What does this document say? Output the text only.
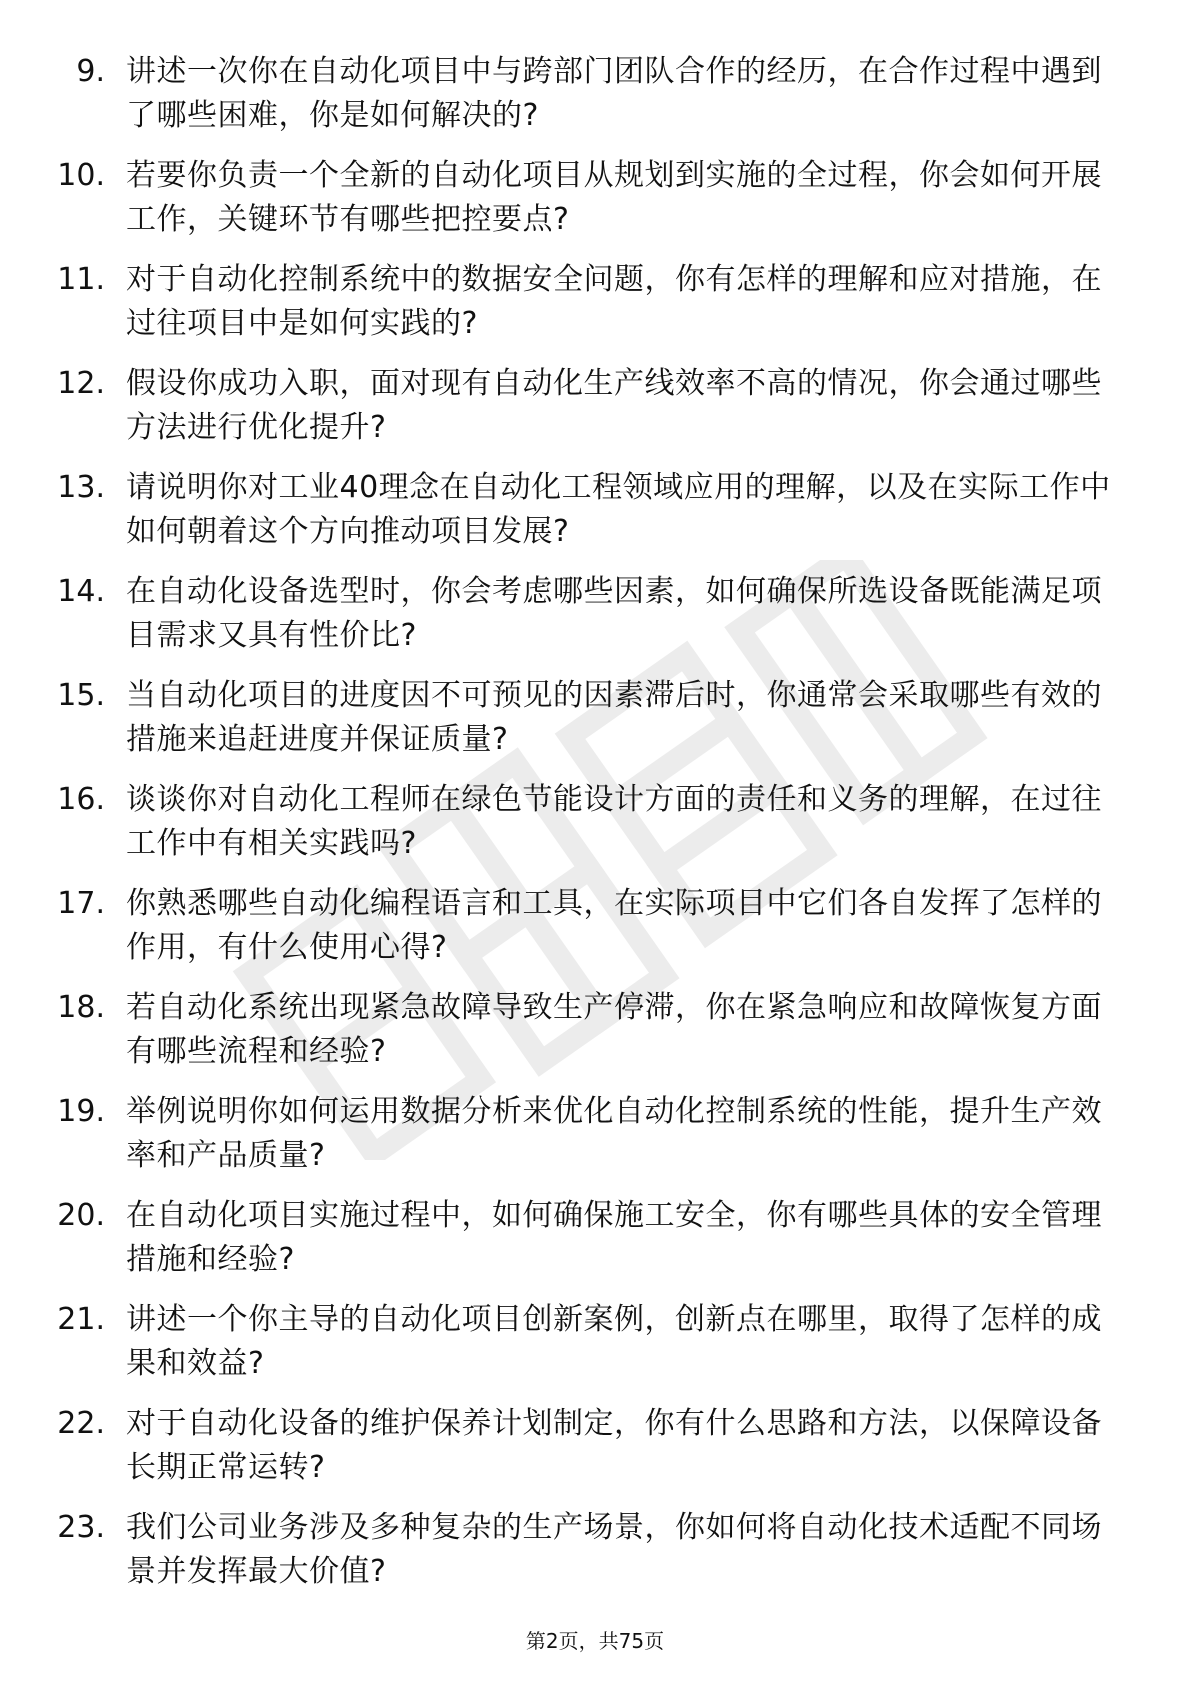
9. 讲述一次你在自动化项目中与跨部门团队合作的经历，在合作过程中遇到了哪些困难，你是如何解决的?
10. 若要你负责一个全新的自动化项目从规划到实施的全过程，你会如何开展工作，关键环节有哪些把控要点?
11. 对于自动化控制系统中的数据安全问题，你有怎样的理解和应对措施，在过往项目中是如何实践的?
12. 假设你成功入职，面对现有自动化生产线效率不高的情况，你会通过哪些方法进行优化提升?
13. 请说明你对工业40理念在自动化工程领域应用的理解，以及在实际工作中如何朝着这个方向推动项目发展?
14. 在自动化设备选型时，你会考虑哪些因素，如何确保所选设备既能满足项目需求又具有性价比?
15. 当自动化项目的进度因不可预见的因素滞后时，你通常会采取哪些有效的措施来追赶进度并保证质量?
16. 谈谈你对自动化工程师在绿色节能设计方面的责任和义务的理解，在过往工作中有相关实践吗?
17. 你熟悉哪些自动化编程语言和工具，在实际项目中它们各自发挥了怎样的作用，有什么使用心得?
18. 若自动化系统出现紧急故障导致生产停滞，你在紧急响应和故障恢复方面有哪些流程和经验?
19. 举例说明你如何运用数据分析来优化自动化控制系统的性能，提升生产效率和产品质量?
20. 在自动化项目实施过程中，如何确保施工安全，你有哪些具体的安全管理措施和经验?
21. 讲述一个你主导的自动化项目创新案例，创新点在哪里，取得了怎样的成果和效益?
22. 对于自动化设备的维护保养计划制定，你有什么思路和方法，以保障设备长期正常运转?
23. 我们公司业务涉及多种复杂的生产场景，你如何将自动化技术适配不同场景并发挥最大价值?
第2页，共75页
